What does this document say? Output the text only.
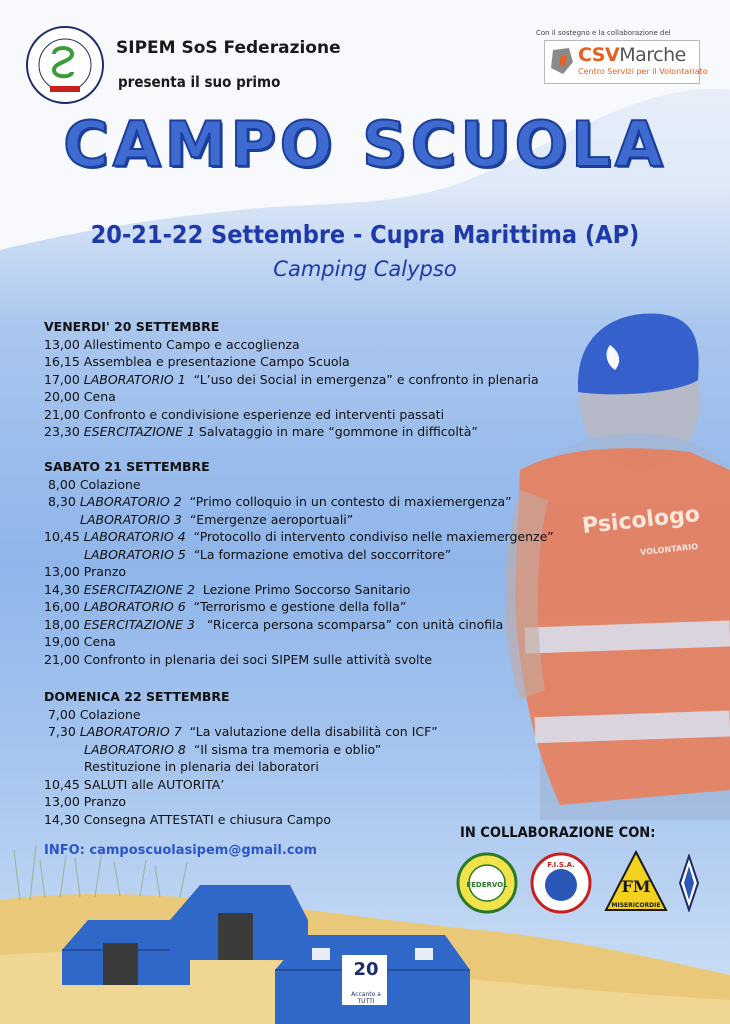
SIPEM SoS Federazione
presenta il suo primo
Con il sostegno e la collaborazione del
CSVMarche
Centro Servizi per il Volontariato
CAMPO SCUOLA
20-21-22 Settembre - Cupra Marittima (AP)
Camping Calypso
Psicologo
VOLONTARIO
VENERDI' 20 SETTEMBRE
13,00 Allestimento Campo e accoglienza
16,15 Assemblea e presentazione Campo Scuola
17,00 LABORATORIO 1 “L’uso dei Social in emergenza” e confronto in plenaria
20,00 Cena
21,00 Confronto e condivisione esperienze ed interventi passati
23,30 ESERCITAZIONE 1 Salvataggio in mare “gommone in difficoltà”
SABATO 21 SETTEMBRE
8,00 Colazione
8,30 LABORATORIO 2 “Primo colloquio in un contesto di maxiemergenza”
LABORATORIO 3 “Emergenze aeroportuali”
10,45 LABORATORIO 4 “Protocollo di intervento condiviso nelle maxiemergenze”
LABORATORIO 5 “La formazione emotiva del soccorritore”
13,00 Pranzo
14,30 ESERCITAZIONE 2 Lezione Primo Soccorso Sanitario
16,00 LABORATORIO 6 “Terrorismo e gestione della folla”
18,00 ESERCITAZIONE 3 “Ricerca persona scomparsa” con unità cinofila
19,00 Cena
21,00 Confronto in plenaria dei soci SIPEM sulle attività svolte
DOMENICA 22 SETTEMBRE
7,00 Colazione
7,30 LABORATORIO 7 “La valutazione della disabilità con ICF”
LABORATORIO 8 “Il sisma tra memoria e oblio”
Restituzione in plenaria dei laboratori
10,45 SALUTI alle AUTORITA’
13,00 Pranzo
14,30 Consegna ATTESTATI e chiusura Campo
INFO: camposcuolasipem@gmail.com
IN COLLABORAZIONE CON:
FEDERVOL
F.I.S.A.
FM
MISERICORDIE
20
Accanto a TUTTI
